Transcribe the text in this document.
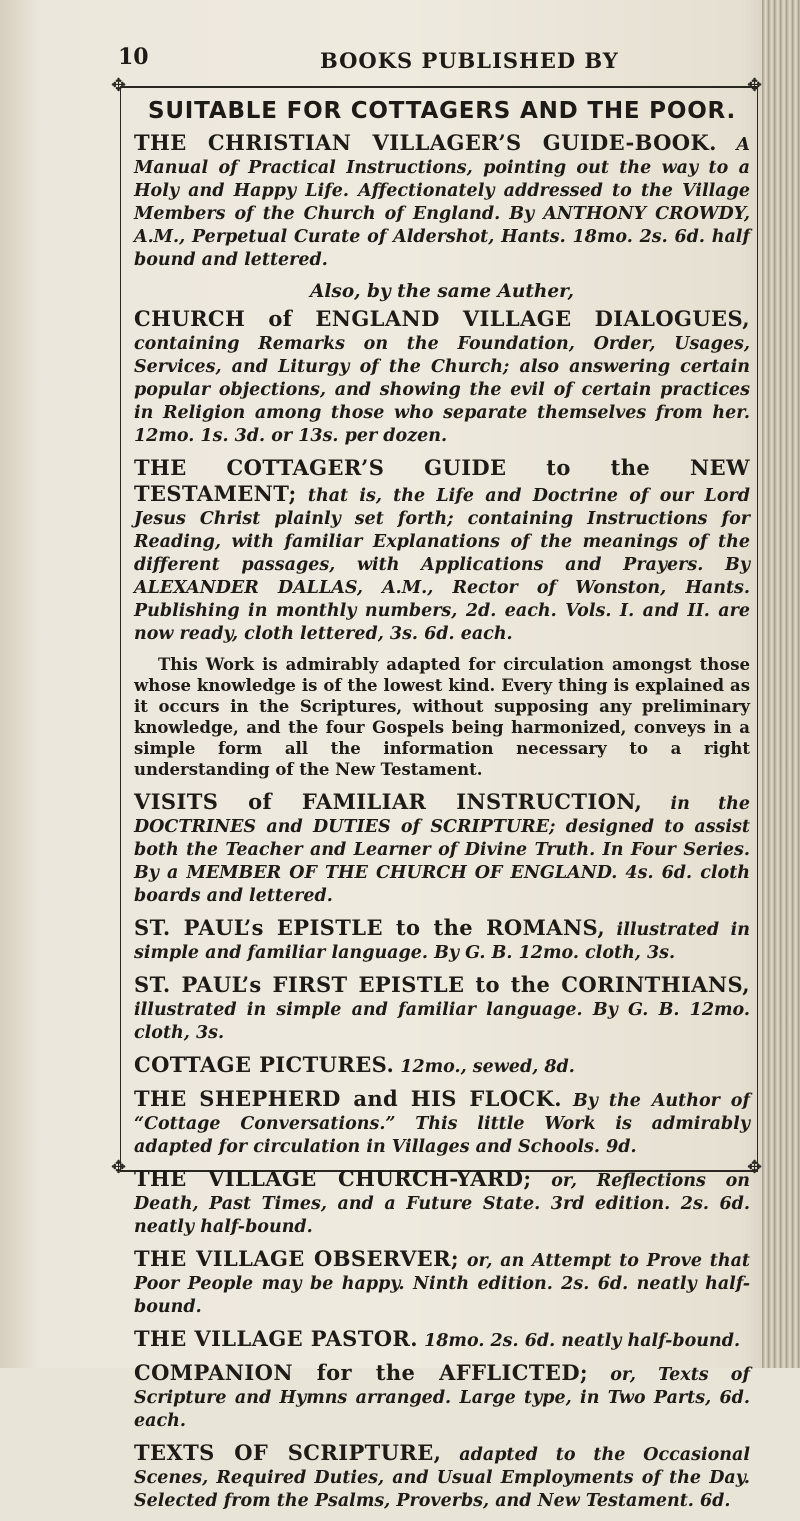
10	BOOKS PUBLISHED BY
✥	✥
✥	✥
SUITABLE FOR COTTAGERS AND THE POOR.
THE CHRISTIAN VILLAGER’S GUIDE-BOOK. A Manual of Practical Instructions, pointing out the way to a Holy and Happy Life. Affectionately addressed to the Village Members of the Church of England. By ANTHONY CROWDY, A.M., Perpetual Curate of Aldershot, Hants. 18mo. 2s. 6d. half bound and lettered.
Also, by the same Auther,
CHURCH of ENGLAND VILLAGE DIALOGUES, containing Remarks on the Foundation, Order, Usages, Services, and Liturgy of the Church; also answering certain popular objections, and showing the evil of certain practices in Religion among those who separate themselves from her. 12mo. 1s. 3d. or 13s. per dozen.
THE COTTAGER’S GUIDE to the NEW TESTAMENT; that is, the Life and Doctrine of our Lord Jesus Christ plainly set forth; containing Instructions for Reading, with familiar Explanations of the meanings of the different passages, with Applications and Prayers. By ALEXANDER DALLAS, A.M., Rector of Wonston, Hants. Publishing in monthly numbers, 2d. each. Vols. I. and II. are now ready, cloth lettered, 3s. 6d. each.
This Work is admirably adapted for circulation amongst those whose knowledge is of the lowest kind. Every thing is explained as it occurs in the Scriptures, without supposing any preliminary knowledge, and the four Gospels being harmonized, conveys in a simple form all the information necessary to a right understanding of the New Testament.
VISITS of FAMILIAR INSTRUCTION, in the DOCTRINES and DUTIES of SCRIPTURE; designed to assist both the Teacher and Learner of Divine Truth. In Four Series. By a MEMBER OF THE CHURCH OF ENGLAND. 4s. 6d. cloth boards and lettered.
ST. PAUL’s EPISTLE to the ROMANS, illustrated in simple and familiar language. By G. B. 12mo. cloth, 3s.
ST. PAUL’s FIRST EPISTLE to the CORINTHIANS, illustrated in simple and familiar language. By G. B. 12mo. cloth, 3s.
COTTAGE PICTURES. 12mo., sewed, 8d.
THE SHEPHERD and HIS FLOCK. By the Author of “Cottage Conversations.” This little Work is admirably adapted for circulation in Villages and Schools. 9d.
THE VILLAGE CHURCH-YARD; or, Reflections on Death, Past Times, and a Future State. 3rd edition. 2s. 6d. neatly half-bound.
THE VILLAGE OBSERVER; or, an Attempt to Prove that Poor People may be happy. Ninth edition. 2s. 6d. neatly half-bound.
THE VILLAGE PASTOR. 18mo. 2s. 6d. neatly half-bound.
COMPANION for the AFFLICTED; or, Texts of Scripture and Hymns arranged. Large type, in Two Parts, 6d. each.
TEXTS OF SCRIPTURE, adapted to the Occasional Scenes, Required Duties, and Usual Employments of the Day. Selected from the Psalms, Proverbs, and New Testament. 6d.
